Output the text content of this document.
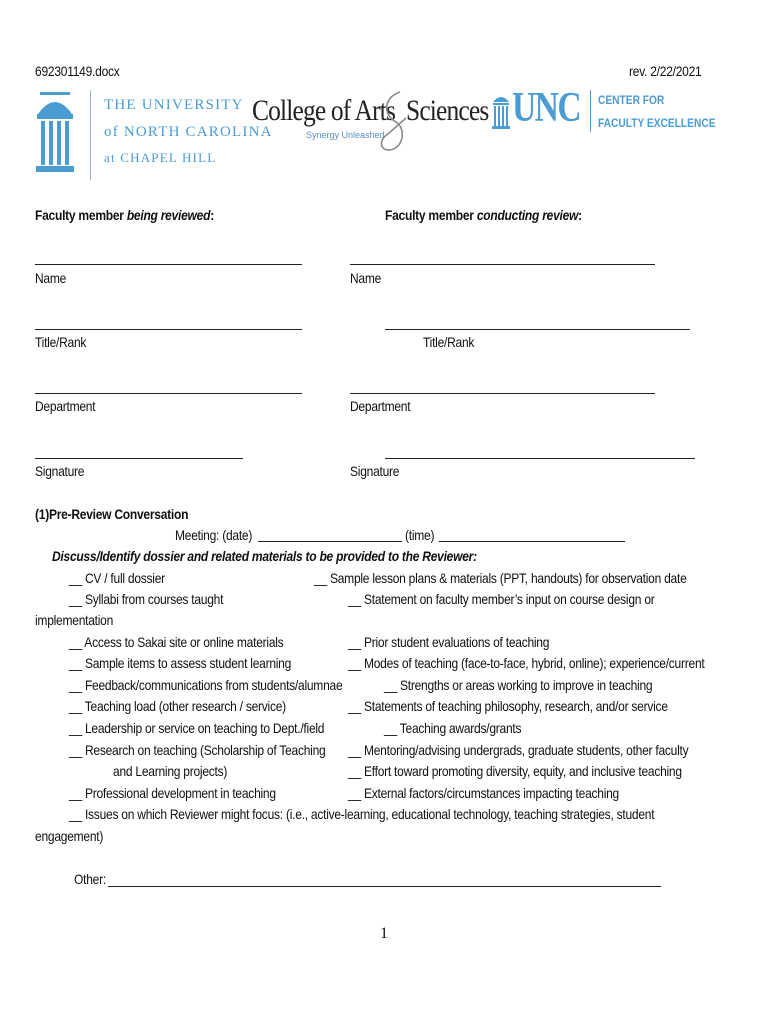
692301149.docx	rev. 2/22/2021
THE UNIVERSITY
of NORTH CAROLINA
at CHAPEL HILL
College of Arts Sciences
Synergy Unleashed
UNC CENTER FOR
FACULTY EXCELLENCE
Faculty member being reviewed:	Faculty member conducting review:
Name	Name
Title/Rank	Title/Rank
Department	Department
Signature	Signature
(1)Pre-Review Conversation
Meeting: (date)	(time)
Discuss/Identify dossier and related materials to be provided to the Reviewer:
__ CV / full dossier	__ Sample lesson plans & materials (PPT, handouts) for observation date
__ Syllabi from courses taught	__ Statement on faculty member’s input on course design or
implementation
__ Access to Sakai site or online materials	__ Prior student evaluations of teaching
__ Sample items to assess student learning	__ Modes of teaching (face-to-face, hybrid, online); experience/current
__ Feedback/communications from students/alumnae	__ Strengths or areas working to improve in teaching
__ Teaching load (other research / service)	__ Statements of teaching philosophy, research, and/or service
__ Leadership or service on teaching to Dept./field	__ Teaching awards/grants
__ Research on teaching (Scholarship of Teaching __ Mentoring/advising undergrads, graduate students, other faculty
and Learning projects)	__ Effort toward promoting diversity, equity, and inclusive teaching
__ Professional development in teaching	__ External factors/circumstances impacting teaching
__ Issues on which Reviewer might focus: (i.e., active-learning, educational technology, teaching strategies, student
engagement)
Other:
1
